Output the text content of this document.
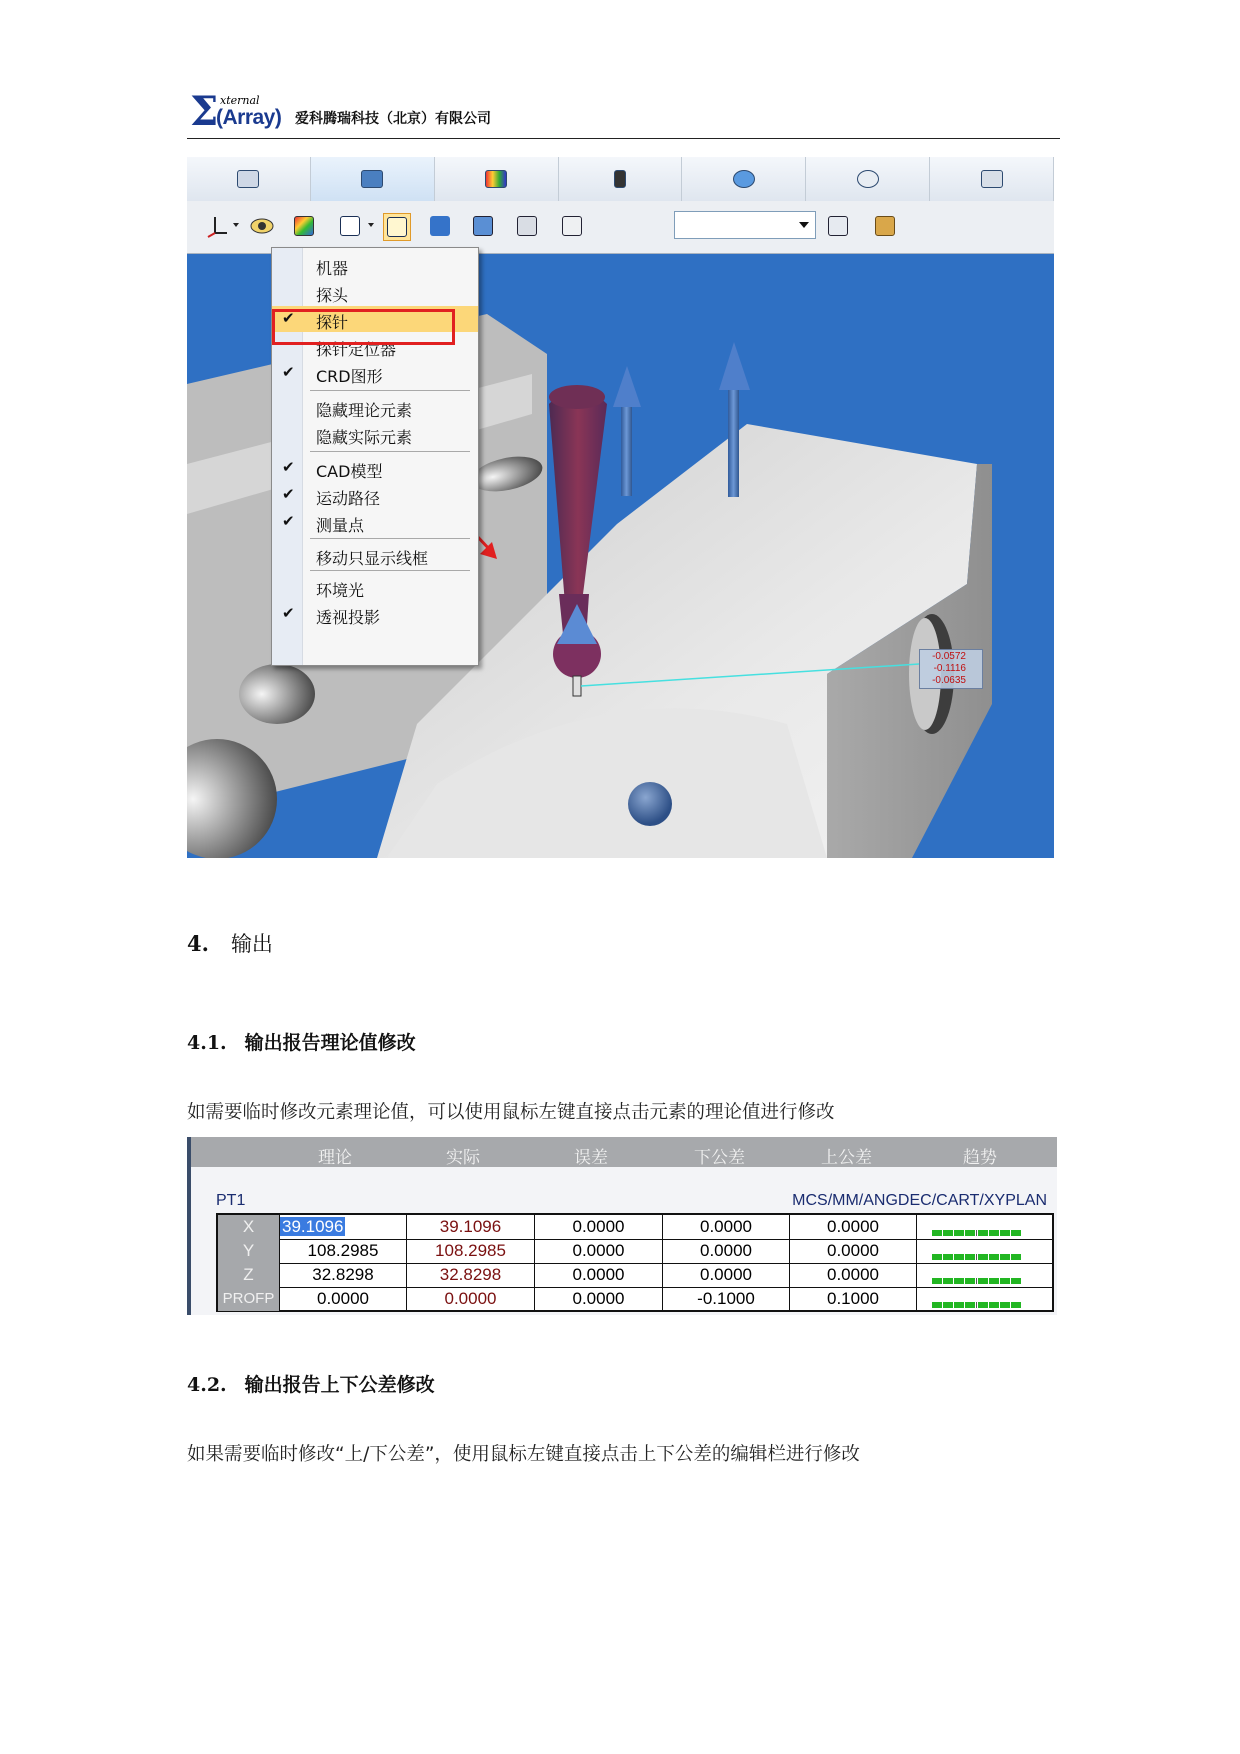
Σ xternal
(Array) 爱科腾瑞科技（北京）有限公司
-0.0572
-0.1116
-0.0635
机器
探头
✔ 探针
探针定位器
✔ CRD图形
隐藏理论元素
隐藏实际元素
✔ CAD模型
✔ 运动路径
✔ 测量点
移动只显示线框
环境光
✔ 透视投影
4. 输出
4.1. 输出报告理论值修改
如需要临时修改元素理论值，可以使用鼠标左键直接点击元素的理论值进行修改
理论	实际	误差	下公差	上公差	趋势
PT1	MCS/MM/ANGDEC/CART/XYPLAN
X	39.1096	39.1096	0.0000	0.0000	0.0000
Y	108.2985	108.2985	0.0000	0.0000	0.0000
Z	32.8298	32.8298	0.0000	0.0000	0.0000
PROFP	0.0000	0.0000	0.0000	-0.1000	0.1000
4.2. 输出报告上下公差修改
如果需要临时修改“上/下公差”，使用鼠标左键直接点击上下公差的编辑栏进行修改
